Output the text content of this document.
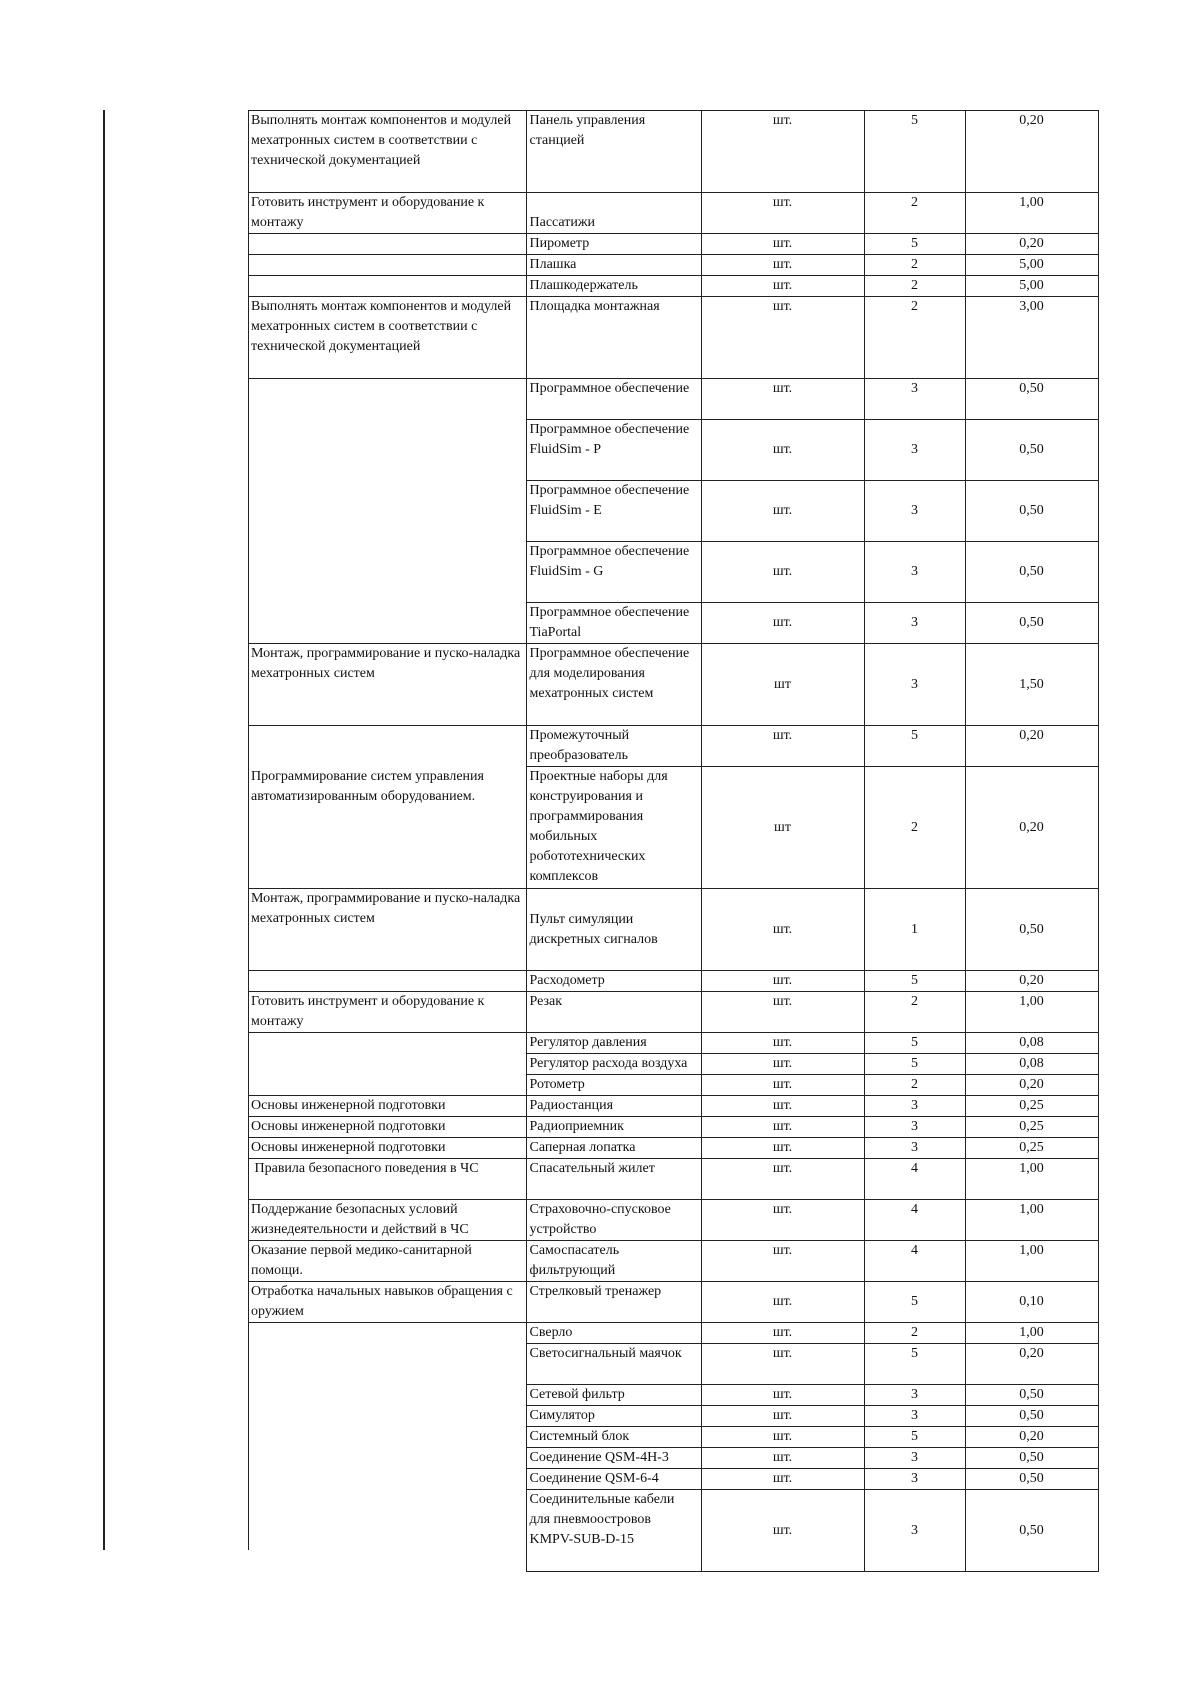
Выполнять монтаж компонентов и модулей мехатронных систем в соответствии с технической документацией	Панель управления станцией	шт.	5	0,20
Готовить инструмент и оборудование к монтажу	Пассатижи	шт.	2	1,00
	Пирометр	шт.	5	0,20
	Плашка	шт.	2	5,00
	Плашкодержатель	шт.	2	5,00
Выполнять монтаж компонентов и модулей мехатронных систем в соответствии с технической документацией	Площадка монтажная	шт.	2	3,00
	Программное обеспечение	шт.	3	0,50
	Программное обеспечение FluidSim - P	шт.	3	0,50
	Программное обеспечение FluidSim - E	шт.	3	0,50
	Программное обеспечение FluidSim - G	шт.	3	0,50
	Программное обеспечение TiaPortal	шт.	3	0,50
Монтаж, программирование и пуско-наладка мехатронных систем	Программное обеспечение для моделирования мехатронных систем	шт	3	1,50
	Промежуточный преобразователь	шт.	5	0,20
Программирование систем управления автоматизированным оборудованием.	Проектные наборы для конструирования и программирования мобильных робототехнических комплексов	шт	2	0,20
Монтаж, программирование и пуско-наладка мехатронных систем	Пульт симуляции дискретных сигналов	шт.	1	0,50
	Расходометр	шт.	5	0,20
Готовить инструмент и оборудование к монтажу	Резак	шт.	2	1,00
	Регулятор давления	шт.	5	0,08
	Регулятор расхода воздуха	шт.	5	0,08
	Ротометр	шт.	2	0,20
Основы инженерной подготовки	Радиостанция	шт.	3	0,25
Основы инженерной подготовки	Радиоприемник	шт.	3	0,25
Основы инженерной подготовки	Саперная лопатка	шт.	3	0,25
Правила безопасного поведения в ЧС	Спасательный жилет	шт.	4	1,00
Поддержание безопасных условий жизнедеятельности и действий в ЧС	Страховочно-спусковое устройство	шт.	4	1,00
Оказание первой медико-санитарной помощи.	Самоспасатель фильтрующий	шт.	4	1,00
Отработка начальных навыков обращения с оружием	Стрелковый тренажер	шт.	5	0,10
	Сверло	шт.	2	1,00
	Светосигнальный маячок	шт.	5	0,20
	Сетевой фильтр	шт.	3	0,50
	Симулятор	шт.	3	0,50
	Системный блок	шт.	5	0,20
	Соединение QSM-4H-3	шт.	3	0,50
	Соединение QSM-6-4	шт.	3	0,50
	Соединительные кабели для пневмоостровов KMPV-SUB-D-15	шт.	3	0,50
